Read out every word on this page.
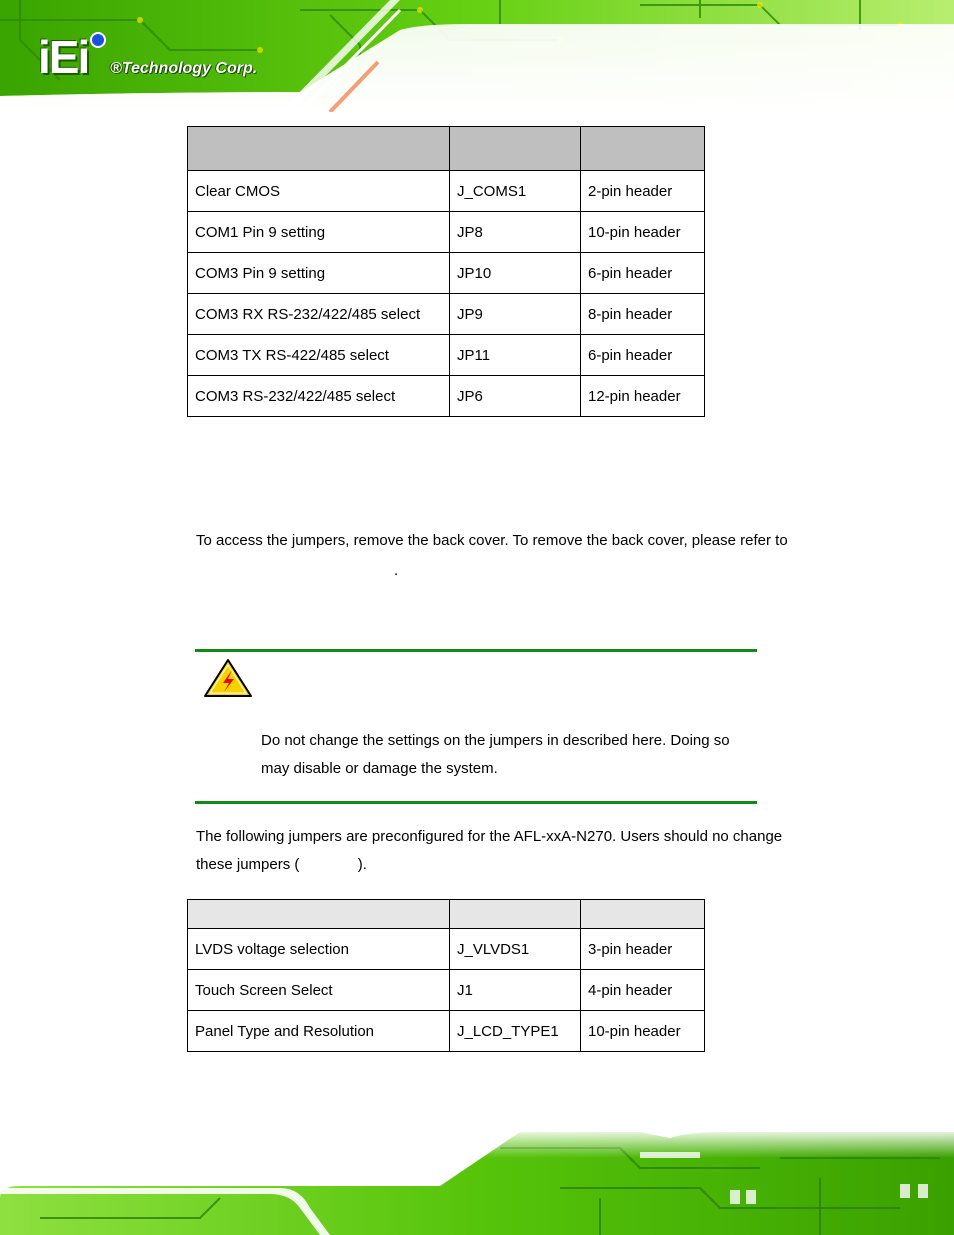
iEi ®Technology Corp.

Clear CMOS	J_COMS1	2-pin header
COM1 Pin 9 setting	JP8	10-pin header
COM3 Pin 9 setting	JP10	6-pin header
COM3 RX RS-232/422/485 select	JP9	8-pin header
COM3 TX RS-422/485 select	JP11	6-pin header
COM3 RS-232/422/485 select	JP6	12-pin header
To access the jumpers, remove the back cover. To remove the back cover, please refer to
.
Do not change the settings on the jumpers in described here. Doing so
may disable or damage the system.
The following jumpers are preconfigured for the AFL-xxA-N270. Users should no change
these jumpers (              ).

LVDS voltage selection	J_VLVDS1	3-pin header
Touch Screen Select	J1	4-pin header
Panel Type and Resolution	J_LCD_TYPE1	10-pin header
